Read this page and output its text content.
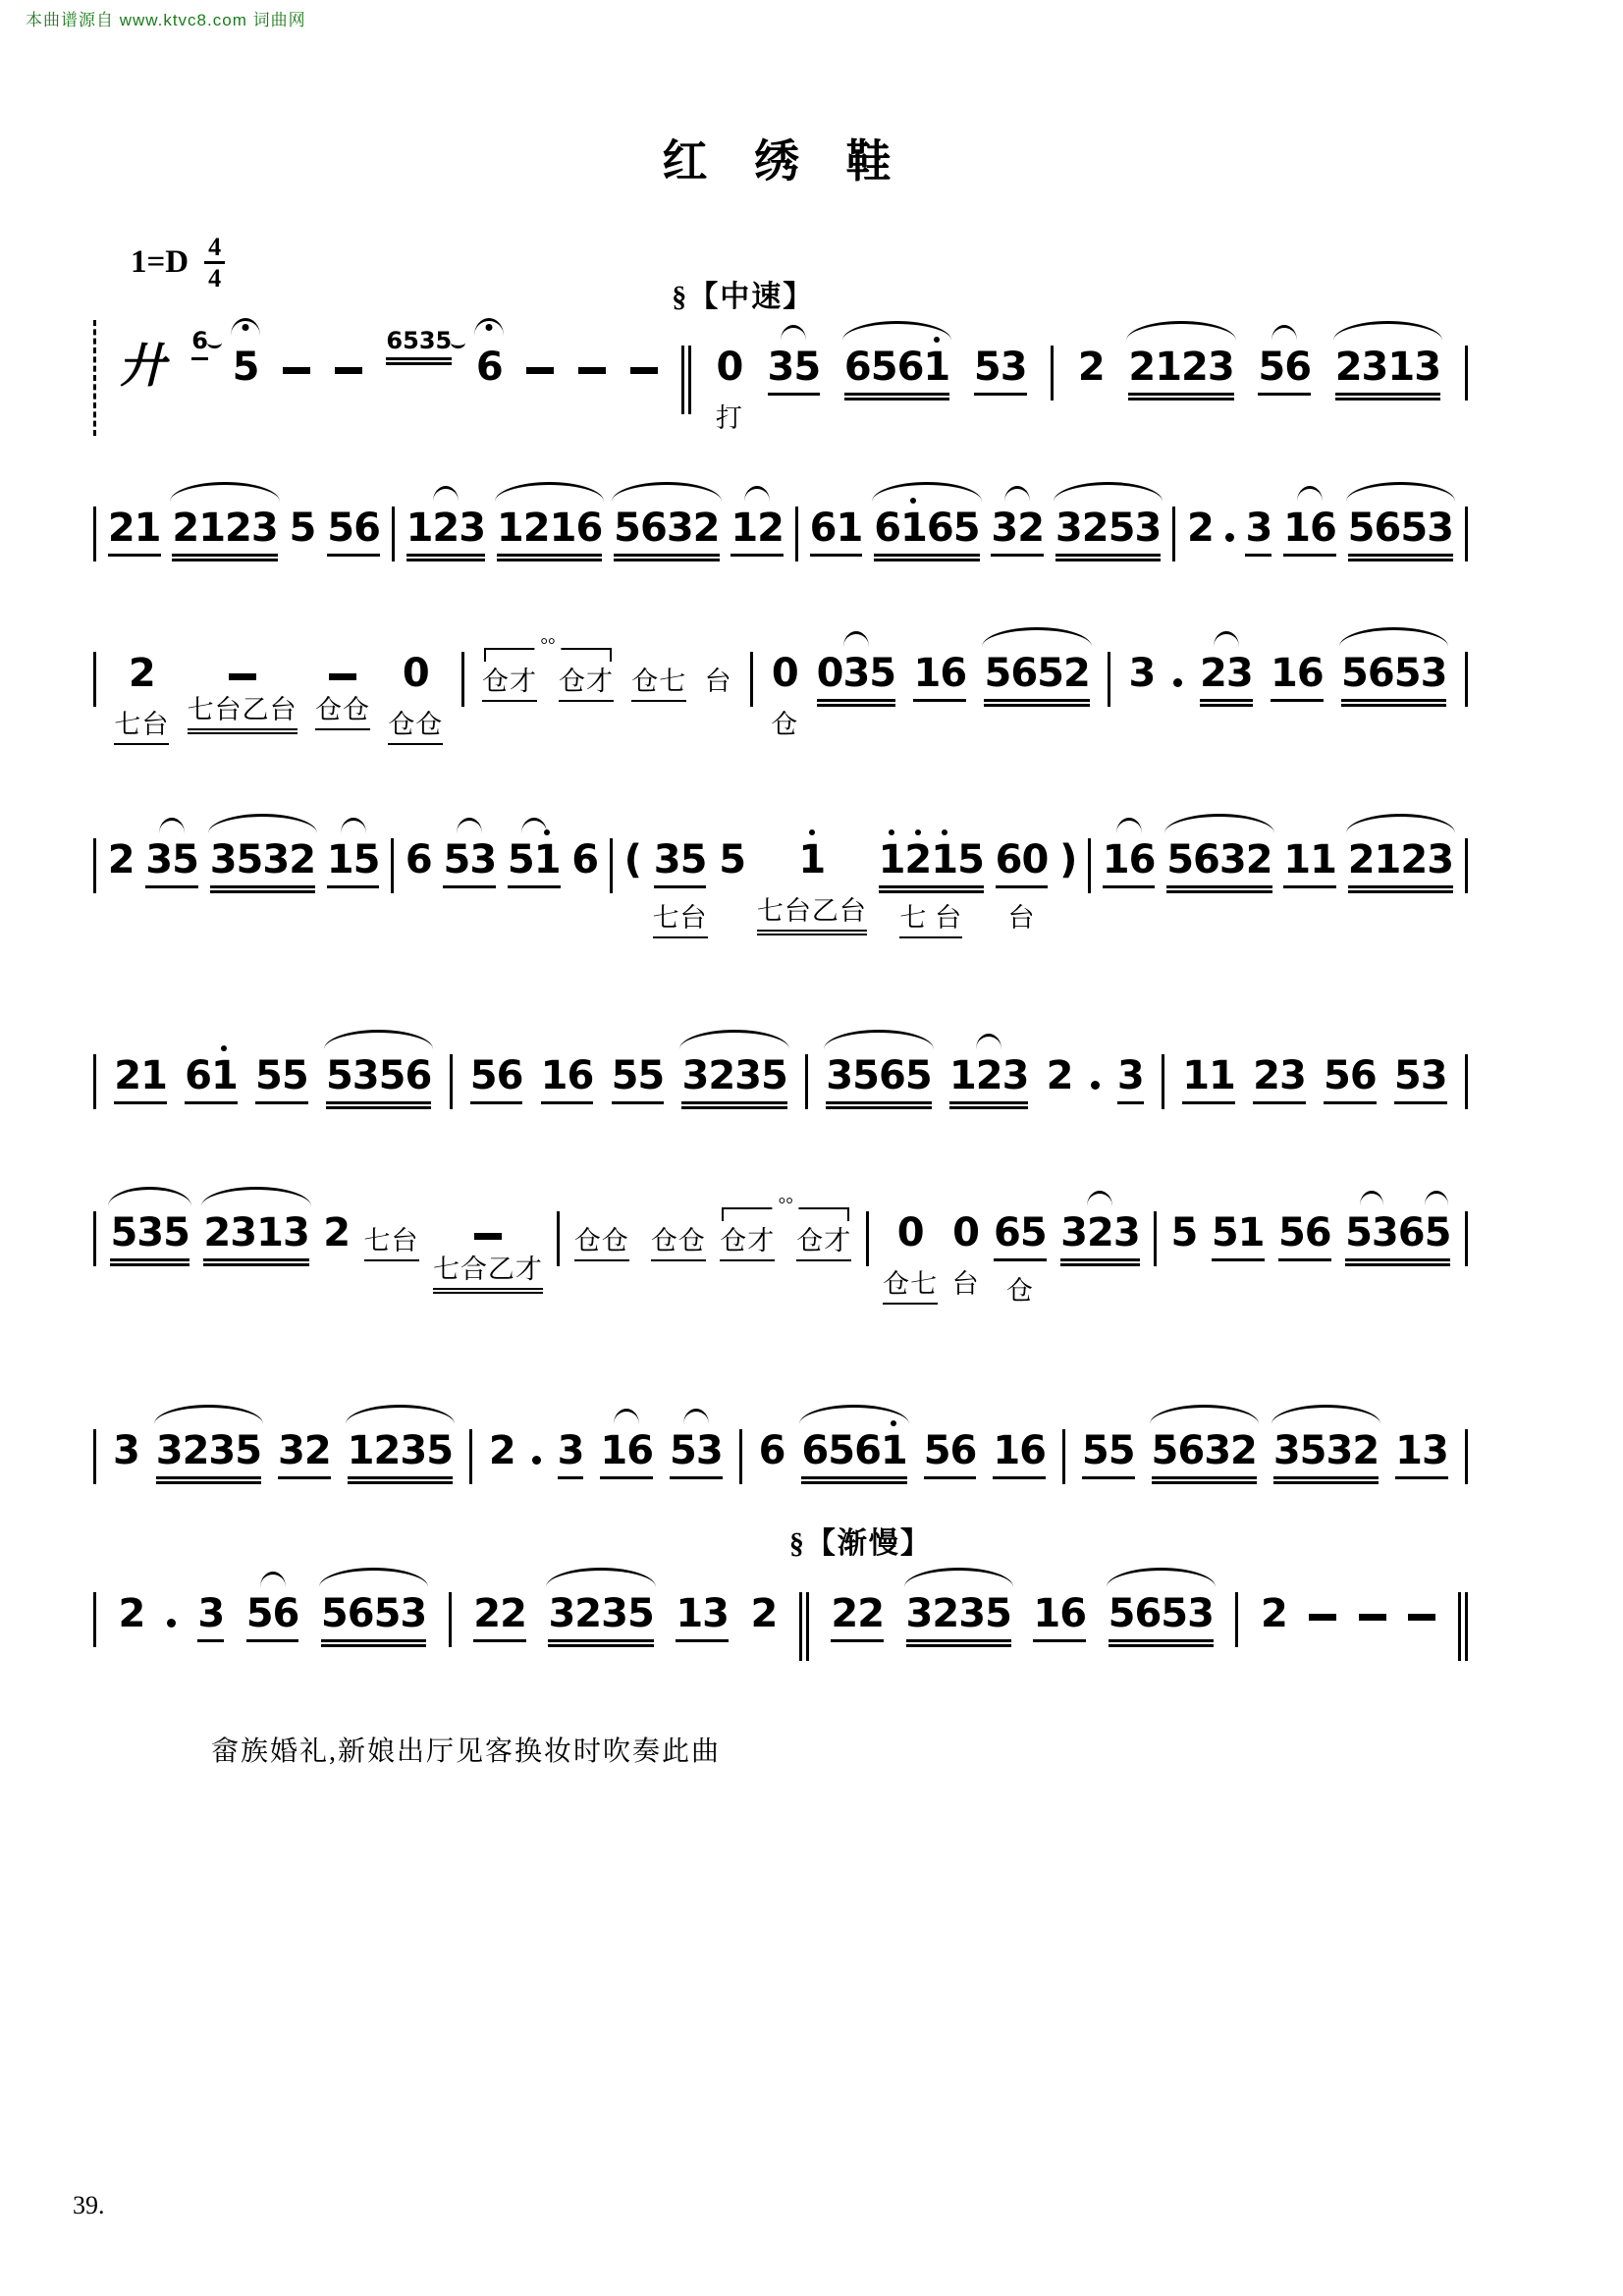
本曲谱源自 www.ktvc8.com 词曲网
红 绣 鞋
$1=D \frac{4}{4}$
廾 6
5
6535
6
§【中速】
0
打
35 6561 53 2 2123 56 2313
21 2123 5 56 123 1216 5632 12 61 6165 32 3253 2 3 16 5653
2
七台 七台乙台 仓仓
0
仓仓
仓才 仓才
°° 仓七 台 0
仓
035 16 5652 3 23 16 5653
2 35 3532 15 6 53 51 6 ( 35
七台
5 1
七台乙台
1215
七 台
60
台
) 16 5632 11 2123
21 61 55 5356 56 16 55 3235 3565 123 2 3 11 23 56 53
535 2313 2 七台
七合乙才
仓仓 仓仓 仓才 仓才
°° 0
仓七
0
台
65
仓
323 5 51 56 5365
3 3235 32 1235 2 3 16 53 6 6561 56 16 55 5632 3532 13
2 3 56 5653 22 3235 13 2
§【渐慢】
22 3235 16 5653 2
畲族婚礼,新娘出厅见客换妆时吹奏此曲
39.
